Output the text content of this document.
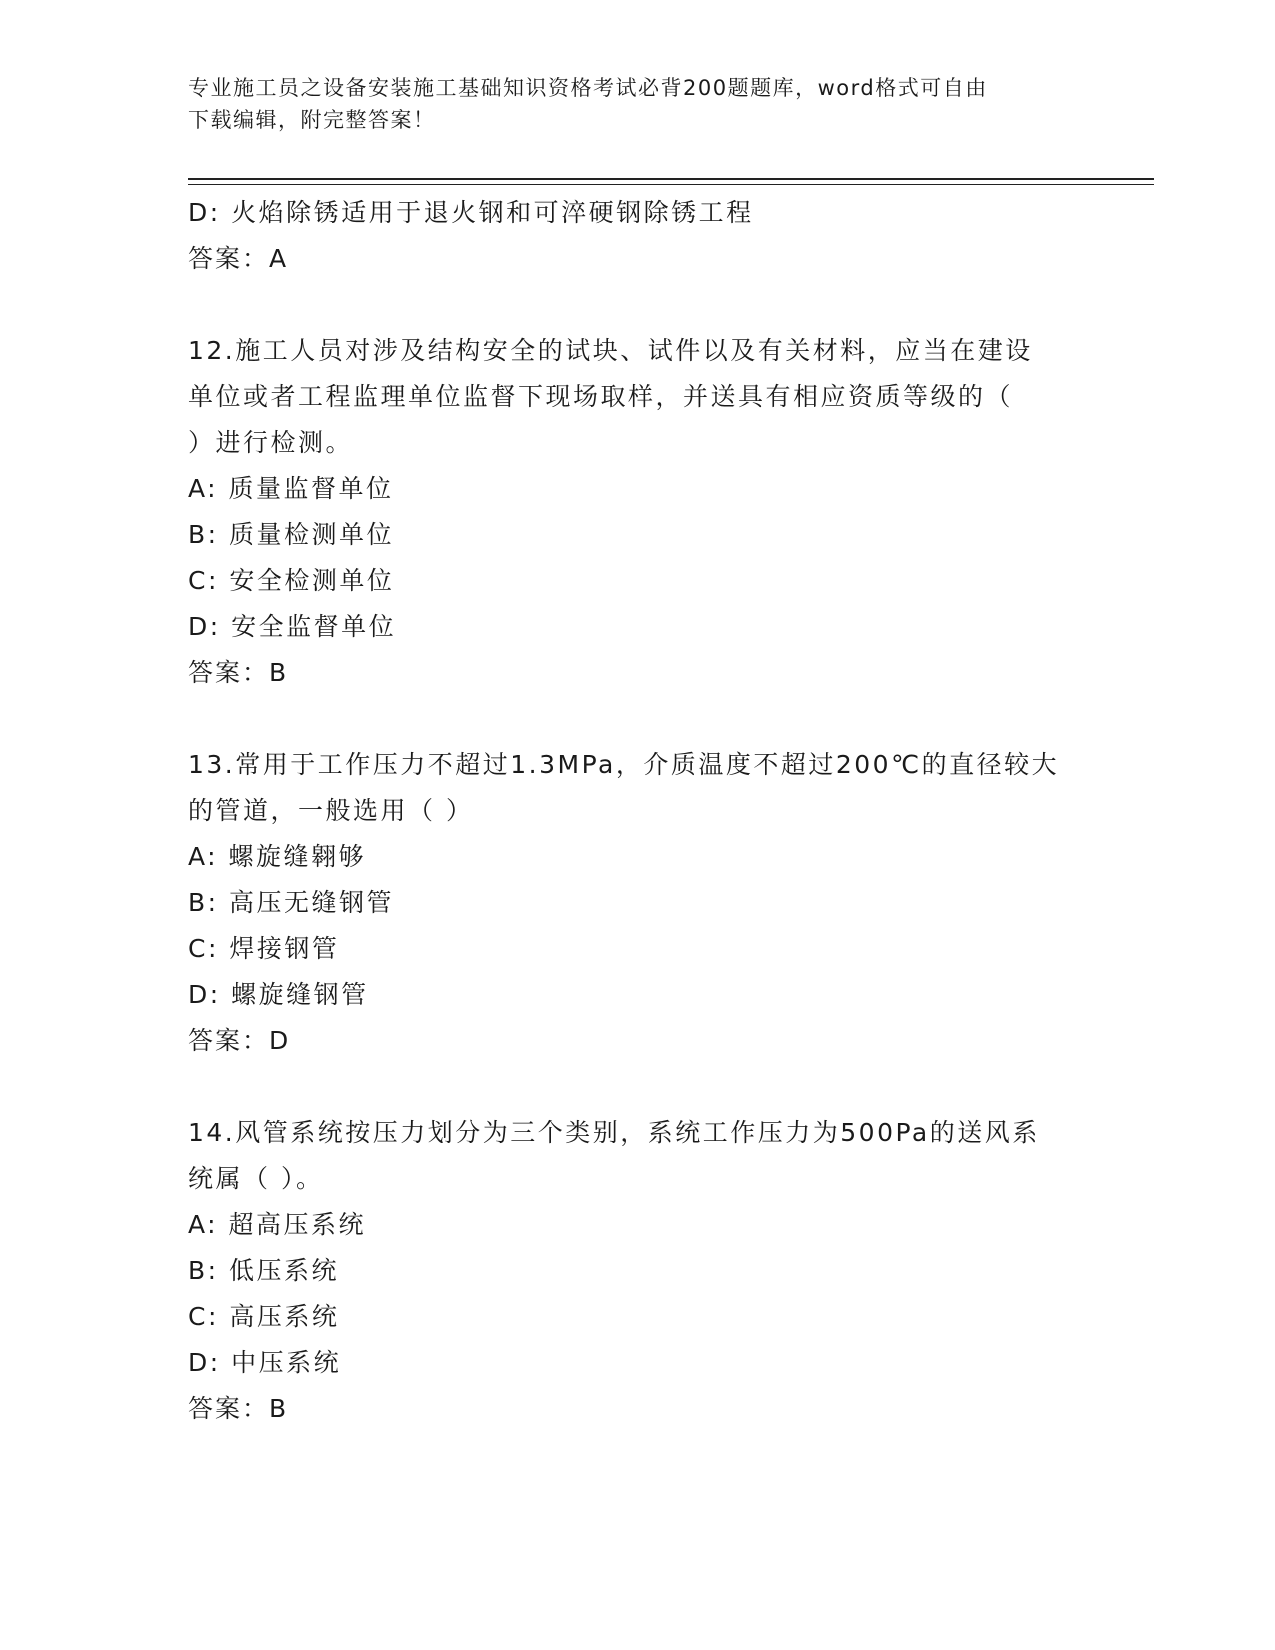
专业施工员之设备安装施工基础知识资格考试必背200题题库，word格式可自由
下载编辑，附完整答案！
D: 火焰除锈适用于退火钢和可淬硬钢除锈工程
答案：A
12.施工人员对涉及结构安全的试块、试件以及有关材料，应当在建设
单位或者工程监理单位监督下现场取样，并送具有相应资质等级的（
）进行检测。
A: 质量监督单位
B: 质量检测单位
C: 安全检测单位
D: 安全监督单位
答案：B
13.常用于工作压力不超过1.3MPa，介质温度不超过200℃的直径较大
的管道，一般选用（ ）
A: 螺旋缝翱够
B: 高压无缝钢管
C: 焊接钢管
D: 螺旋缝钢管
答案：D
14.风管系统按压力划分为三个类别，系统工作压力为500Pa的送风系
统属（ ）。
A: 超高压系统
B: 低压系统
C: 高压系统
D: 中压系统
答案：B
